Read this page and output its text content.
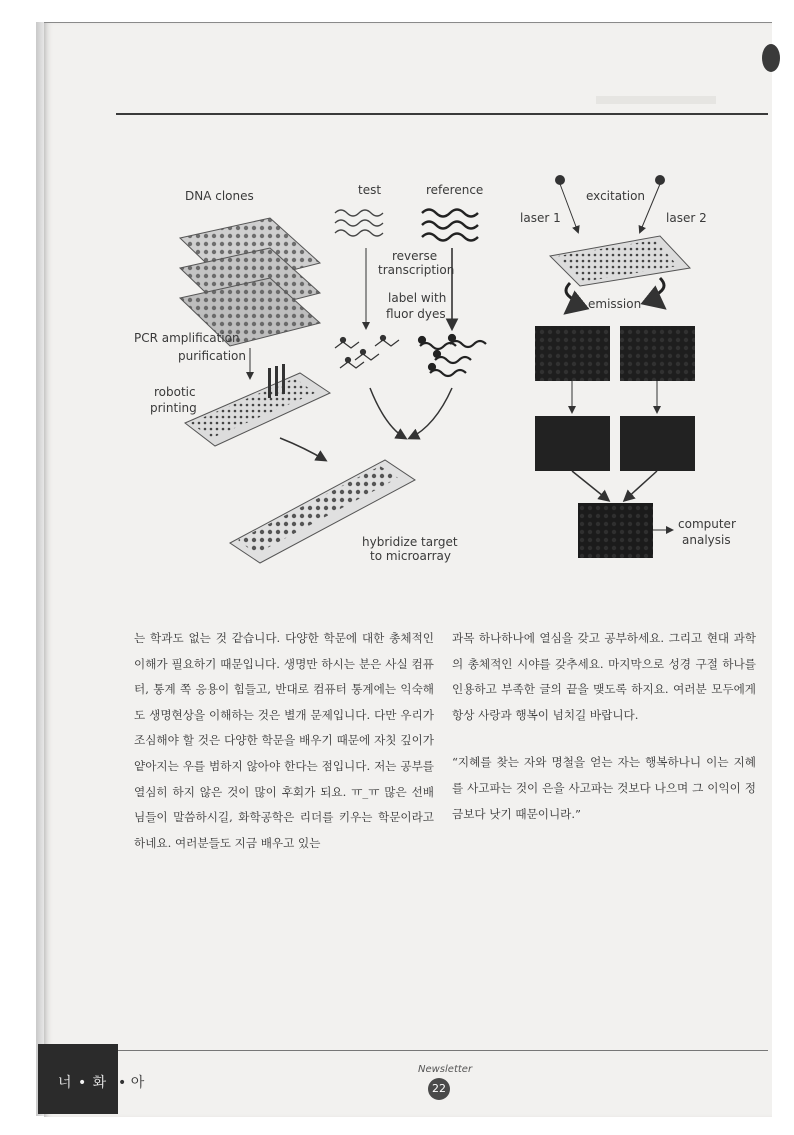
DNA clones
PCR amplification
purification
robotic
printing
test	reference
reverse
transcription
label with
fluor dyes
hybridize target
to microarray
excitation
laser 1	laser 2
emission
computer
analysis

는 학과도 없는 것 같습니다. 다양한 학문에 대한 총체적인 이해가 필요하기 때문입니다. 생명만 하시는 분은 사실 컴퓨터, 통계 쪽 응용이 힘들고, 반대로 컴퓨터 통계에는 익숙해도 생명현상을 이해하는 것은 별개 문제입니다. 다만 우리가 조심해야 할 것은 다양한 학문을 배우기 때문에 자칫 깊이가 얕아지는 우를 범하지 않아야 한다는 점입니다. 저는 공부를 열심히 하지 않은 것이 많이 후회가 되요. ㅠ_ㅠ 많은 선배님들이 말씀하시길, 화학공학은 리더를 키우는 학문이라고 하네요. 여러분들도 지금 배우고 있는

과목 하나하나에 열심을 갖고 공부하세요. 그리고 현대 과학의 총체적인 시야를 갖추세요. 마지막으로 성경 구절 하나를 인용하고 부족한 글의 끝을 맺도록 하지요. 여러분 모두에게 항상 사랑과 행복이 넘치길 바랍니다.

“지혜를 찾는 자와 명철을 얻는 자는 행복하나니 이는 지혜를 사고파는 것이 은을 사고파는 것보다 나으며 그 이익이 정금보다 낫기 때문이니라.”

너 • 화 • 아
Newsletter
22
